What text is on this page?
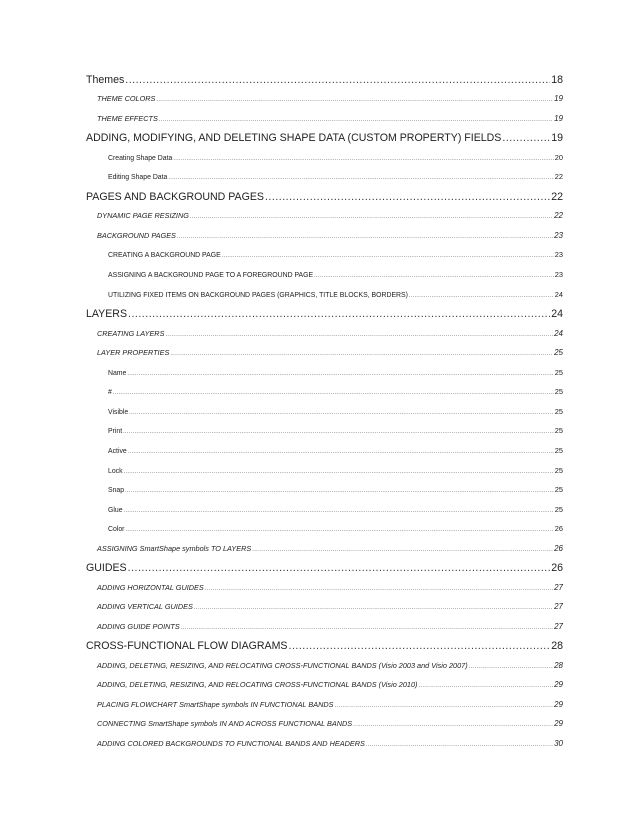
Themes .....	18
THEME COLORS .....	19
THEME EFFECTS .....	19
ADDING, MODIFYING, AND DELETING SHAPE DATA (CUSTOM PROPERTY) FIELDS .....	19
Creating Shape Data .....	20
Editing Shape Data .....	22
PAGES AND BACKGROUND PAGES .....	22
DYNAMIC PAGE RESIZING .....	22
BACKGROUND PAGES .....	23
CREATING A BACKGROUND PAGE .....	23
ASSIGNING A BACKGROUND PAGE TO A FOREGROUND PAGE .....	23
UTILIZING FIXED ITEMS ON BACKGROUND PAGES (GRAPHICS, TITLE BLOCKS, BORDERS) .....	24
LAYERS .....	24
CREATING LAYERS .....	24
LAYER PROPERTIES .....	25
Name .....	25
# .....	25
Visible .....	25
Print .....	25
Active .....	25
Lock .....	25
Snap .....	25
Glue .....	25
Color .....	26
ASSIGNING SmartShape symbols TO LAYERS .....	26
GUIDES .....	26
ADDING HORIZONTAL GUIDES .....	27
ADDING VERTICAL GUIDES .....	27
ADDING GUIDE POINTS .....	27
CROSS-FUNCTIONAL FLOW DIAGRAMS .....	28
ADDING, DELETING, RESIZING, AND RELOCATING CROSS-FUNCTIONAL BANDS (Visio 2003 and Visio 2007) .....	28
ADDING, DELETING, RESIZING, AND RELOCATING CROSS-FUNCTIONAL BANDS (Visio 2010) .....	29
PLACING FLOWCHART SmartShape symbols IN FUNCTIONAL BANDS .....	29
CONNECTING SmartShape symbols IN AND ACROSS FUNCTIONAL BANDS .....	29
ADDING COLORED BACKGROUNDS TO FUNCTIONAL BANDS AND HEADERS .....	30
